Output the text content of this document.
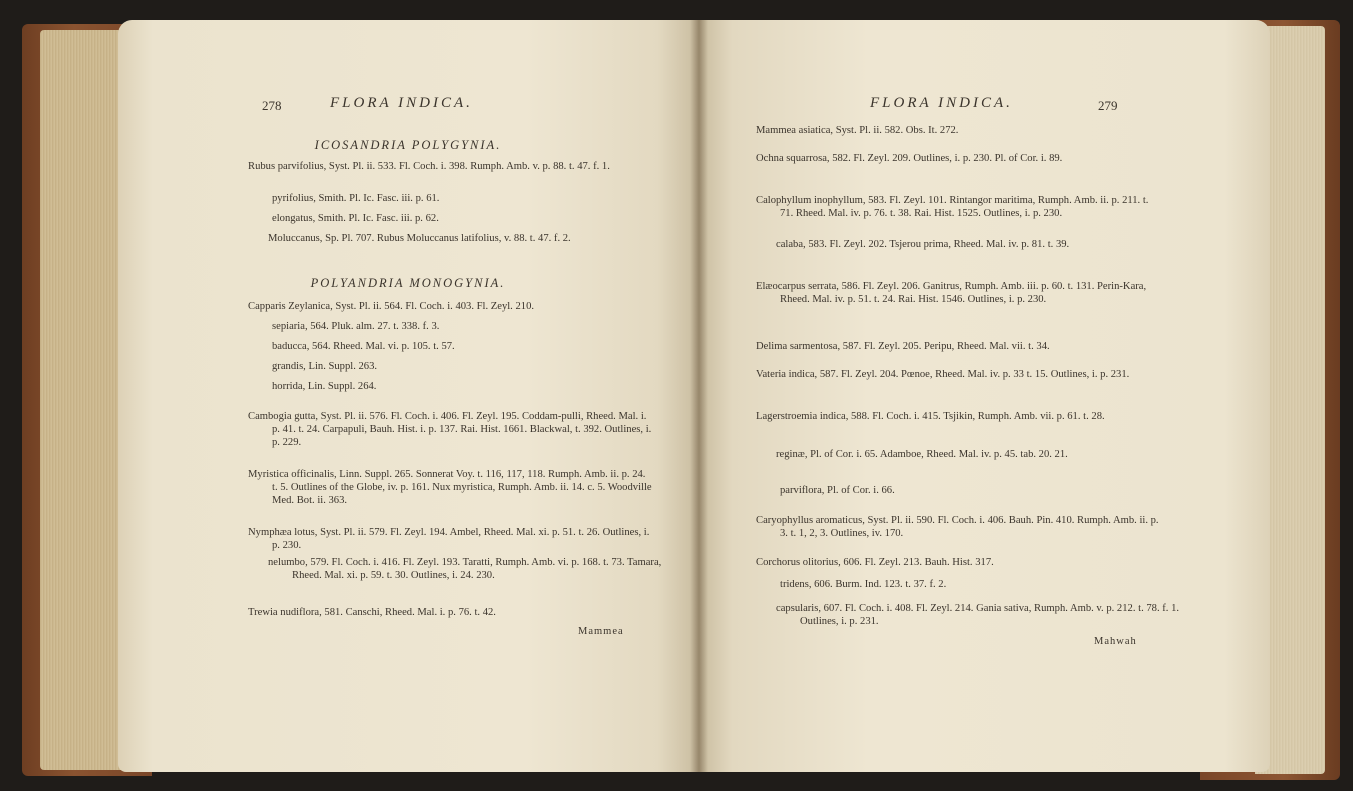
278	FLORA INDICA.
ICOSANDRIA POLYGYNIA.
Rubus parvifolius, Syst. Pl. ii. 533. Fl. Coch. i. 398. Rumph. Amb. v. p. 88. t. 47. f. 1.
pyrifolius, Smith. Pl. Ic. Fasc. iii. p. 61.
elongatus, Smith. Pl. Ic. Fasc. iii. p. 62.
Moluccanus, Sp. Pl. 707. Rubus Moluccanus latifolius, v. 88. t. 47. f. 2.
POLYANDRIA MONOGYNIA.
Capparis Zeylanica, Syst. Pl. ii. 564. Fl. Coch. i. 403. Fl. Zeyl. 210.
sepiaria, 564. Pluk. alm. 27. t. 338. f. 3.
baducca, 564. Rheed. Mal. vi. p. 105. t. 57.
grandis, Lin. Suppl. 263.
horrida, Lin. Suppl. 264.
Cambogia gutta, Syst. Pl. ii. 576. Fl. Coch. i. 406. Fl. Zeyl. 195. Coddam-pulli, Rheed. Mal. i. p. 41. t. 24. Carpapuli, Bauh. Hist. i. p. 137. Rai. Hist. 1661. Blackwal, t. 392. Outlines, i. p. 229.
Myristica officinalis, Linn. Suppl. 265. Sonnerat Voy. t. 116, 117, 118. Rumph. Amb. ii. p. 24. t. 5. Outlines of the Globe, iv. p. 161. Nux myristica, Rumph. Amb. ii. 14. c. 5. Woodville Med. Bot. ii. 363.
Nymphæa lotus, Syst. Pl. ii. 579. Fl. Zeyl. 194. Ambel, Rheed. Mal. xi. p. 51. t. 26. Outlines, i. p. 230.
nelumbo, 579. Fl. Coch. i. 416. Fl. Zeyl. 193. Taratti, Rumph. Amb. vi. p. 168. t. 73. Tamara, Rheed. Mal. xi. p. 59. t. 30. Outlines, i. 24. 230.
Trewia nudiflora, 581. Canschi, Rheed. Mal. i. p. 76. t. 42.
Mammea
FLORA INDICA.	279
Mammea asiatica, Syst. Pl. ii. 582. Obs. It. 272.
Ochna squarrosa, 582. Fl. Zeyl. 209. Outlines, i. p. 230. Pl. of Cor. i. 89.
Calophyllum inophyllum, 583. Fl. Zeyl. 101. Rintangor maritima, Rumph. Amb. ii. p. 211. t. 71. Rheed. Mal. iv. p. 76. t. 38. Rai. Hist. 1525. Outlines, i. p. 230.
calaba, 583. Fl. Zeyl. 202. Tsjerou prima, Rheed. Mal. iv. p. 81. t. 39.
Elæocarpus serrata, 586. Fl. Zeyl. 206. Ganitrus, Rumph. Amb. iii. p. 60. t. 131. Perin-Kara, Rheed. Mal. iv. p. 51. t. 24. Rai. Hist. 1546. Outlines, i. p. 230.
Delima sarmentosa, 587. Fl. Zeyl. 205. Peripu, Rheed. Mal. vii. t. 34.
Vateria indica, 587. Fl. Zeyl. 204. Pœnoe, Rheed. Mal. iv. p. 33 t. 15. Outlines, i. p. 231.
Lagerstroemia indica, 588. Fl. Coch. i. 415. Tsjikin, Rumph. Amb. vii. p. 61. t. 28.
reginæ, Pl. of Cor. i. 65. Adamboe, Rheed. Mal. iv. p. 45. tab. 20. 21.
parviflora, Pl. of Cor. i. 66.
Caryophyllus aromaticus, Syst. Pl. ii. 590. Fl. Coch. i. 406. Bauh. Pin. 410. Rumph. Amb. ii. p. 3. t. 1, 2, 3. Outlines, iv. 170.
Corchorus olitorius, 606. Fl. Zeyl. 213. Bauh. Hist. 317.
tridens, 606. Burm. Ind. 123. t. 37. f. 2.
capsularis, 607. Fl. Coch. i. 408. Fl. Zeyl. 214. Gania sativa, Rumph. Amb. v. p. 212. t. 78. f. 1. Outlines, i. p. 231.
Mahwah
